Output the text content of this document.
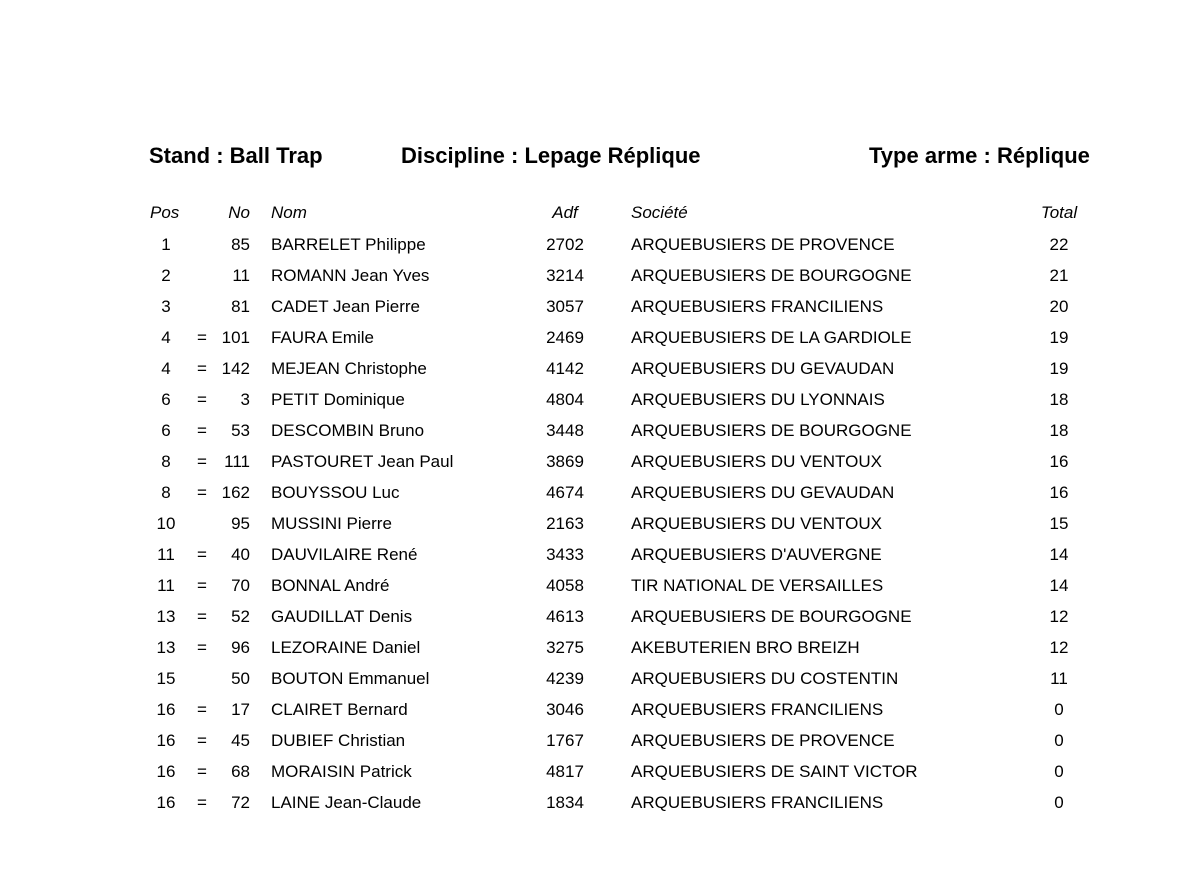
Stand : Ball Trap	Discipline : Lepage Réplique	Type arme : Réplique
Pos	No Nom	Adf	Société	Total
1	85 BARRELET Philippe	2702	ARQUEBUSIERS DE PROVENCE	22
2	11 ROMANN Jean Yves	3214	ARQUEBUSIERS DE BOURGOGNE	21
3	81 CADET Jean Pierre	3057	ARQUEBUSIERS FRANCILIENS	20
4	= 101 FAURA Emile	2469	ARQUEBUSIERS DE LA GARDIOLE	19
4	= 142 MEJEAN Christophe	4142	ARQUEBUSIERS DU GEVAUDAN	19
6	=	3 PETIT Dominique	4804	ARQUEBUSIERS DU LYONNAIS	18
6	=	53 DESCOMBIN Bruno	3448	ARQUEBUSIERS DE BOURGOGNE	18
8	=	111 PASTOURET Jean Paul	3869	ARQUEBUSIERS DU VENTOUX	16
8	= 162 BOUYSSOU Luc	4674	ARQUEBUSIERS DU GEVAUDAN	16
10	95 MUSSINI Pierre	2163	ARQUEBUSIERS DU VENTOUX	15
11	=	40 DAUVILAIRE René	3433	ARQUEBUSIERS D'AUVERGNE	14
11	=	70 BONNAL André	4058	TIR NATIONAL DE VERSAILLES	14
13	=	52 GAUDILLAT Denis	4613	ARQUEBUSIERS DE BOURGOGNE	12
13	=	96 LEZORAINE Daniel	3275	AKEBUTERIEN BRO BREIZH	12
15	50 BOUTON Emmanuel	4239	ARQUEBUSIERS DU COSTENTIN	11
16	=	17 CLAIRET Bernard	3046	ARQUEBUSIERS FRANCILIENS	0
16	=	45 DUBIEF Christian	1767	ARQUEBUSIERS DE PROVENCE	0
16	=	68 MORAISIN Patrick	4817	ARQUEBUSIERS DE SAINT VICTOR	0
16	=	72 LAINE Jean-Claude	1834	ARQUEBUSIERS FRANCILIENS	0
